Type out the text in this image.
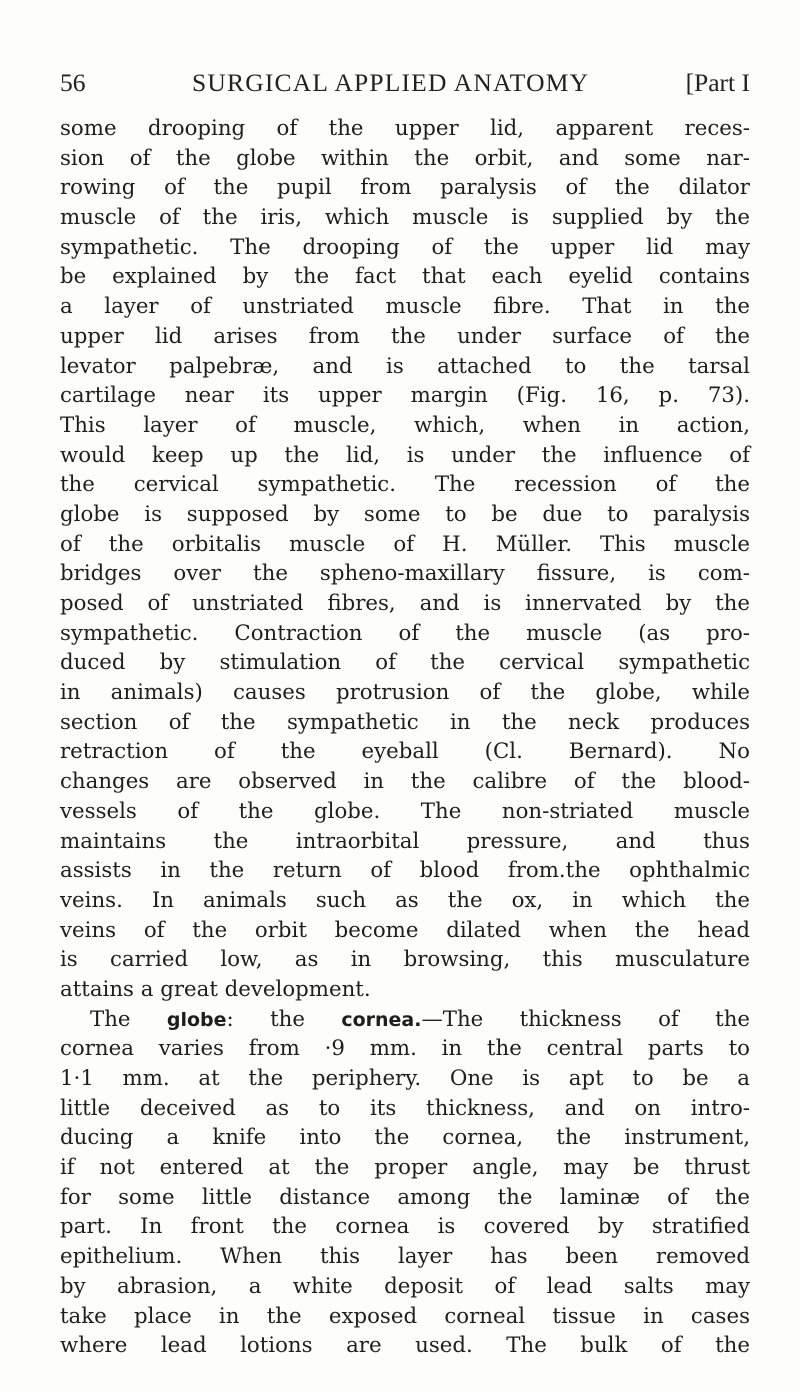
56	SURGICAL APPLIED ANATOMY	[Part I
some drooping of the upper lid, apparent reces-
sion of the globe within the orbit, and some nar-
rowing of the pupil from paralysis of the dilator
muscle of the iris, which muscle is supplied by the
sympathetic. The drooping of the upper lid may
be explained by the fact that each eyelid contains
a layer of unstriated muscle fibre. That in the
upper lid arises from the under surface of the
levator palpebræ, and is attached to the tarsal
cartilage near its upper margin (Fig. 16, p. 73).
This layer of muscle, which, when in action,
would keep up the lid, is under the influence of
the cervical sympathetic. The recession of the
globe is supposed by some to be due to paralysis
of the orbitalis muscle of H. Müller. This muscle
bridges over the spheno-maxillary fissure, is com-
posed of unstriated fibres, and is innervated by the
sympathetic. Contraction of the muscle (as pro-
duced by stimulation of the cervical sympathetic
in animals) causes protrusion of the globe, while
section of the sympathetic in the neck produces
retraction of the eyeball (Cl. Bernard). No
changes are observed in the calibre of the blood-
vessels of the globe. The non-striated muscle
maintains the intraorbital pressure, and thus
assists in the return of blood from.the ophthalmic
veins. In animals such as the ox, in which the
veins of the orbit become dilated when the head
is carried low, as in browsing, this musculature
attains a great development.
The globe: the cornea.—The thickness of the
cornea varies from ·9 mm. in the central parts to
1·1 mm. at the periphery. One is apt to be a
little deceived as to its thickness, and on intro-
ducing a knife into the cornea, the instrument,
if not entered at the proper angle, may be thrust
for some little distance among the laminæ of the
part. In front the cornea is covered by stratified
epithelium. When this layer has been removed
by abrasion, a white deposit of lead salts may
take place in the exposed corneal tissue in cases
where lead lotions are used. The bulk of the
